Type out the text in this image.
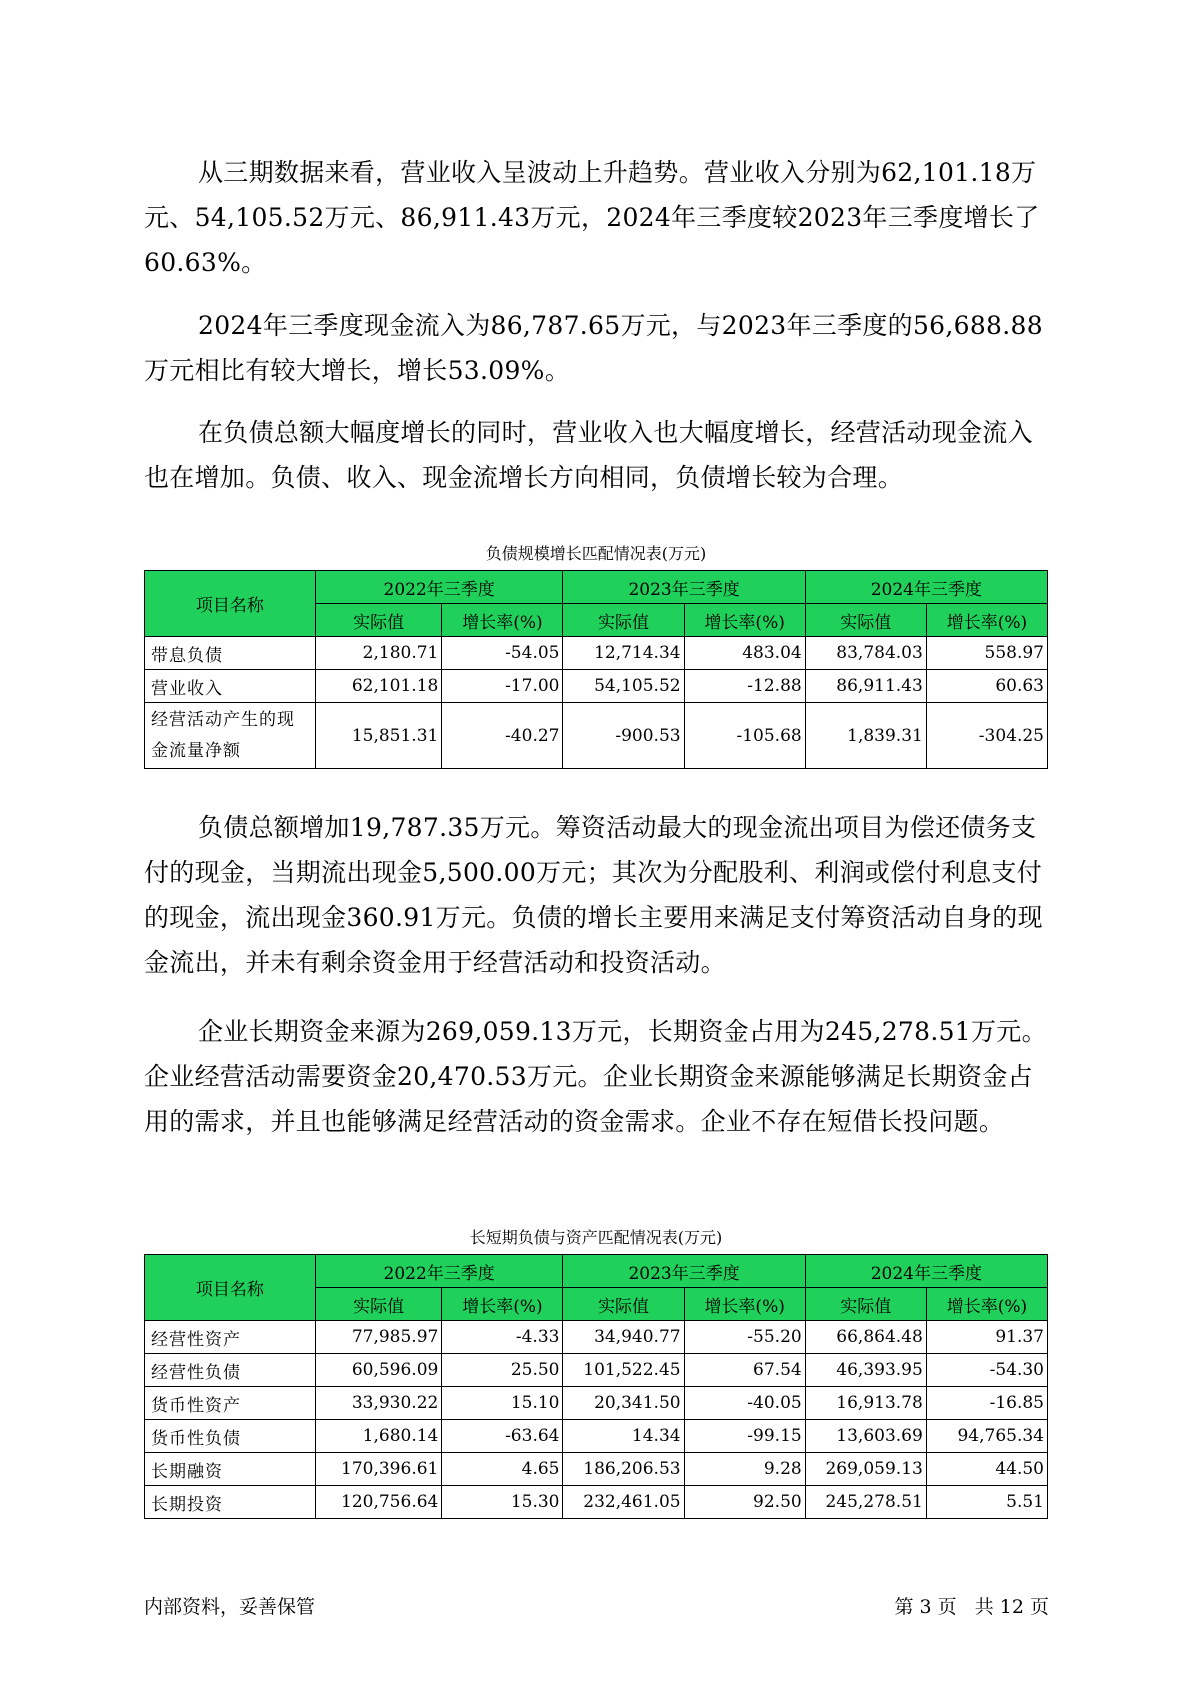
从三期数据来看，营业收入呈波动上升趋势。营业收入分别为62,101.18万元、54,105.52万元、86,911.43万元，2024年三季度较2023年三季度增长了60.63%。

2024年三季度现金流入为86,787.65万元，与2023年三季度的56,688.88万元相比有较大增长，增长53.09%。

在负债总额大幅度增长的同时，营业收入也大幅度增长，经营活动现金流入也在增加。负债、收入、现金流增长方向相同，负债增长较为合理。

负债规模增长匹配情况表(万元)
项目名称	2022年三季度		2023年三季度		2024年三季度	
	实际值	增长率(%)	实际值	增长率(%)	实际值	增长率(%)
带息负债	2,180.71	-54.05	12,714.34	483.04	83,784.03	558.97
营业收入	62,101.18	-17.00	54,105.52	-12.88	86,911.43	60.63
经营活动产生的现金流量净额	15,851.31	-40.27	-900.53	-105.68	1,839.31	-304.25

负债总额增加19,787.35万元。筹资活动最大的现金流出项目为偿还债务支付的现金，当期流出现金5,500.00万元；其次为分配股利、利润或偿付利息支付的现金，流出现金360.91万元。负债的增长主要用来满足支付筹资活动自身的现金流出，并未有剩余资金用于经营活动和投资活动。

企业长期资金来源为269,059.13万元，长期资金占用为245,278.51万元。企业经营活动需要资金20,470.53万元。企业长期资金来源能够满足长期资金占用的需求，并且也能够满足经营活动的资金需求。企业不存在短借长投问题。

长短期负债与资产匹配情况表(万元)
项目名称	2022年三季度		2023年三季度		2024年三季度	
	实际值	增长率(%)	实际值	增长率(%)	实际值	增长率(%)
经营性资产	77,985.97	-4.33	34,940.77	-55.20	66,864.48	91.37
经营性负债	60,596.09	25.50	101,522.45	67.54	46,393.95	-54.30
货币性资产	33,930.22	15.10	20,341.50	-40.05	16,913.78	-16.85
货币性负债	1,680.14	-63.64	14.34	-99.15	13,603.69	94,765.34
长期融资	170,396.61	4.65	186,206.53	9.28	269,059.13	44.50
长期投资	120,756.64	15.30	232,461.05	92.50	245,278.51	5.51
内部资料，妥善保管	第 3 页   共 12 页
